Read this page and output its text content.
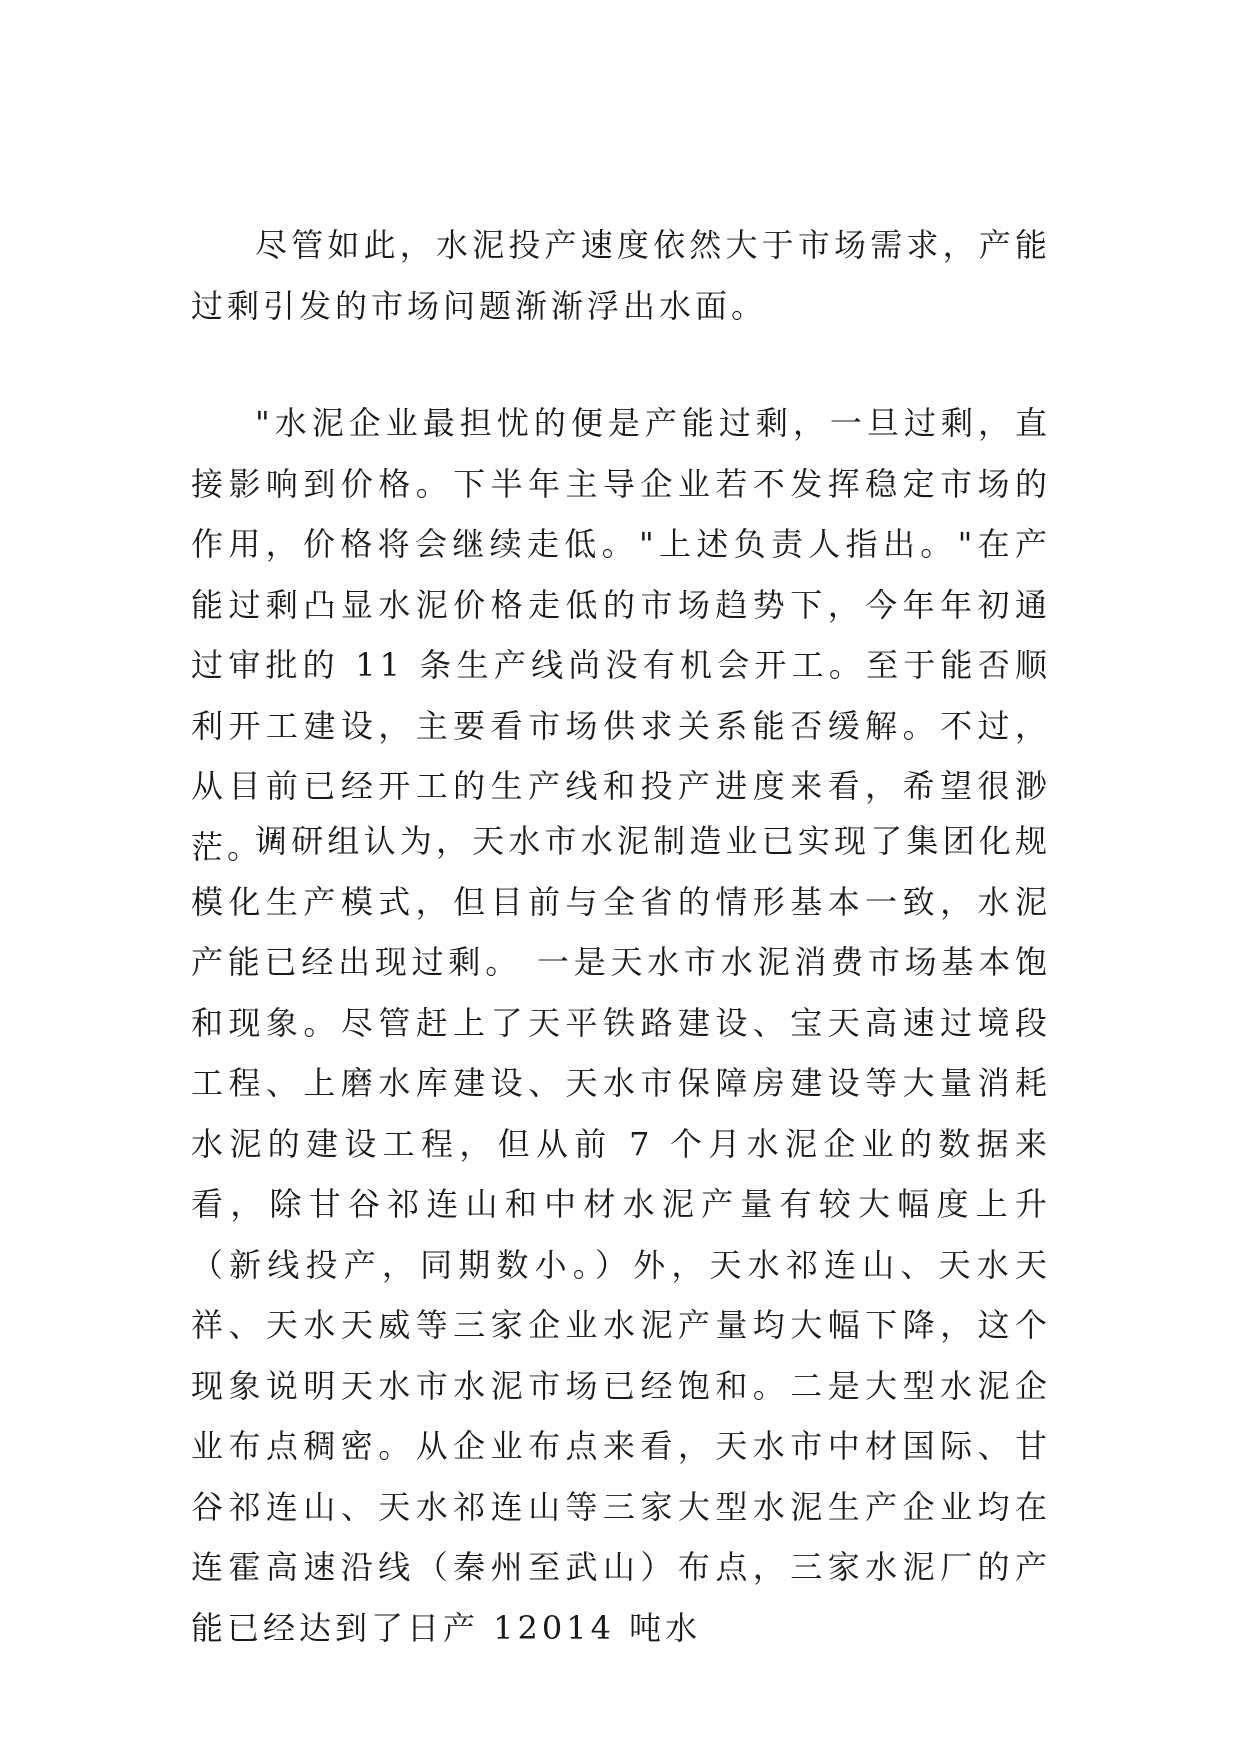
尽管如此，水泥投产速度依然大于市场需求，产能过剩引发的市场问题渐渐浮出水面。

"水泥企业最担忧的便是产能过剩，一旦过剩，直接影响到价格。下半年主导企业若不发挥稳定市场的作用，价格将会继续走低。"上述负责人指出。"在产能过剩凸显水泥价格走低的市场趋势下，今年年初通过审批的 11 条生产线尚没有机会开工。至于能否顺利开工建设，主要看市场供求关系能否缓解。不过，从目前已经开工的生产线和投产进度来看，希望很渺茫。"

调研组认为，天水市水泥制造业已实现了集团化规模化生产模式，但目前与全省的情形基本一致，水泥产能已经出现过剩。 一是天水市水泥消费市场基本饱和现象。尽管赶上了天平铁路建设、宝天高速过境段工程、上磨水库建设、天水市保障房建设等大量消耗水泥的建设工程，但从前 7 个月水泥企业的数据来看，除甘谷祁连山和中材水泥产量有较大幅度上升（新线投产，同期数小。）外，天水祁连山、天水天祥、天水天威等三家企业水泥产量均大幅下降，这个现象说明天水市水泥市场已经饱和。二是大型水泥企业布点稠密。从企业布点来看，天水市中材国际、甘谷祁连山、天水祁连山等三家大型水泥生产企业均在连霍高速沿线（秦州至武山）布点，三家水泥厂的产能已经达到了日产 12014 吨水
